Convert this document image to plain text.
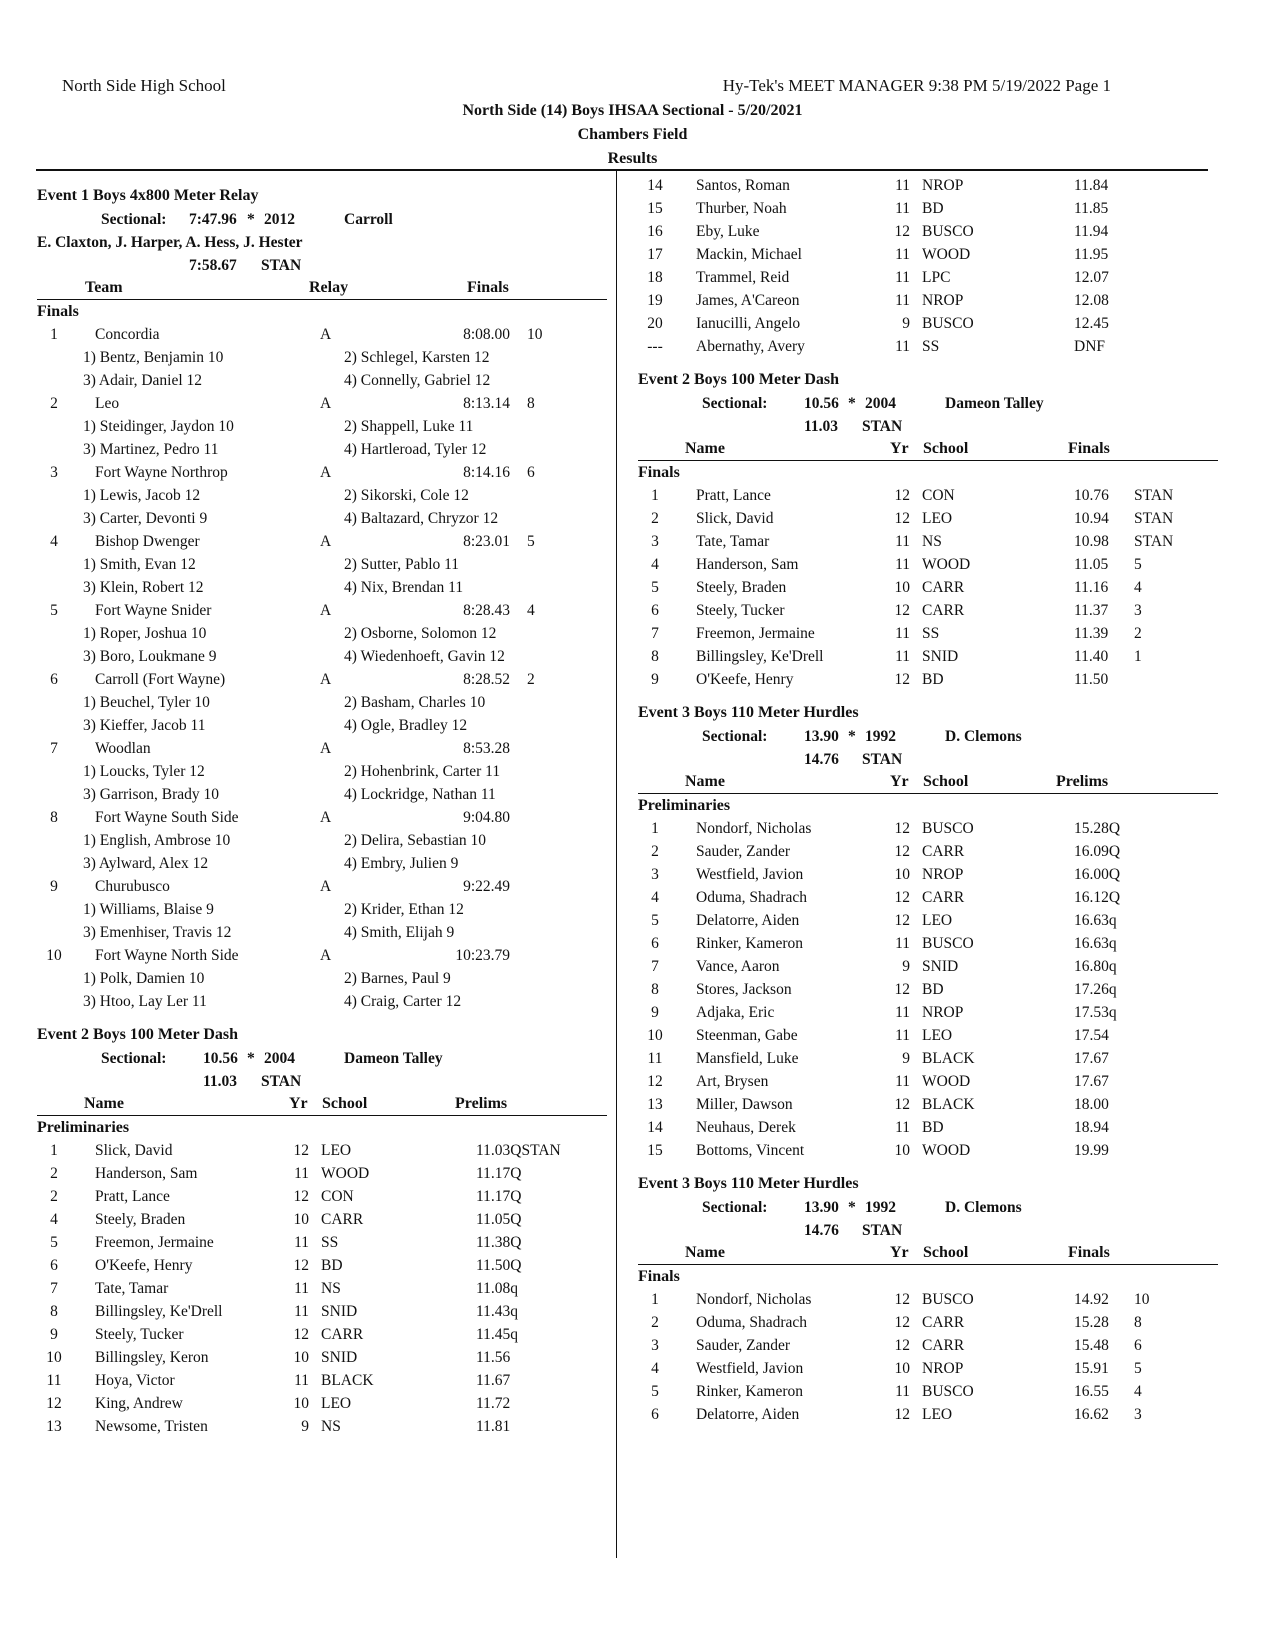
North Side High School	Hy-Tek's MEET MANAGER 9:38 PM 5/19/2022 Page 1
North Side (14) Boys IHSAA Sectional - 5/20/2021
Chambers Field
Results
Event 1 Boys 4x800 Meter Relay
Sectional: 7:47.96 * 2012	Carroll
E. Claxton, J. Harper, A. Hess, J. Hester
7:58.67 STAN
Team	Relay	Finals
Finals
1	Concordia	A	8:08.00 10
1) Bentz, Benjamin 10	2) Schlegel, Karsten 12
3) Adair, Daniel 12	4) Connelly, Gabriel 12
2	Leo	A	8:13.14 8
1) Steidinger, Jaydon 10	2) Shappell, Luke 11
3) Martinez, Pedro 11	4) Hartleroad, Tyler 12
3	Fort Wayne Northrop	A	8:14.16 6
1) Lewis, Jacob 12	2) Sikorski, Cole 12
3) Carter, Devonti 9	4) Baltazard, Chryzor 12
4	Bishop Dwenger	A	8:23.01 5
1) Smith, Evan 12	2) Sutter, Pablo 11
3) Klein, Robert 12	4) Nix, Brendan 11
5	Fort Wayne Snider	A	8:28.43 4
1) Roper, Joshua 10	2) Osborne, Solomon 12
3) Boro, Loukmane 9	4) Wiedenhoeft, Gavin 12
6	Carroll (Fort Wayne)	A	8:28.52 2
1) Beuchel, Tyler 10	2) Basham, Charles 10
3) Kieffer, Jacob 11	4) Ogle, Bradley 12
7	Woodlan	A	8:53.28
1) Loucks, Tyler 12	2) Hohenbrink, Carter 11
3) Garrison, Brady 10	4) Lockridge, Nathan 11
8	Fort Wayne South Side	A	9:04.80
1) English, Ambrose 10	2) Delira, Sebastian 10
3) Aylward, Alex 12	4) Embry, Julien 9
9	Churubusco	A	9:22.49
1) Williams, Blaise 9	2) Krider, Ethan 12
3) Emenhiser, Travis 12	4) Smith, Elijah 9
10	Fort Wayne North Side	A	10:23.79
1) Polk, Damien 10	2) Barnes, Paul 9
3) Htoo, Lay Ler 11	4) Craig, Carter 12
Event 2 Boys 100 Meter Dash
Sectional: 10.56 * 2004	Dameon Talley
11.03 STAN
Name	Yr School	Prelims
Preliminaries
1	Slick, David	12 LEO	11.03QSTAN
2	Handerson, Sam	11 WOOD	11.17Q
2	Pratt, Lance	12 CON	11.17Q
4	Steely, Braden	10 CARR	11.05Q
5	Freemon, Jermaine	11 SS	11.38Q
6	O'Keefe, Henry	12 BD	11.50Q
7	Tate, Tamar	11 NS	11.08q
8	Billingsley, Ke'Drell	11 SNID	11.43q
9	Steely, Tucker	12 CARR	11.45q
10	Billingsley, Keron	10 SNID	11.56
11	Hoya, Victor	11 BLACK	11.67
12	King, Andrew	10 LEO	11.72
13	Newsome, Tristen	9 NS	11.81
14	Santos, Roman	11 NROP	11.84
15	Thurber, Noah	11 BD	11.85
16	Eby, Luke	12 BUSCO	11.94
17	Mackin, Michael	11 WOOD	11.95
18	Trammel, Reid	11 LPC	12.07
19	James, A'Careon	11 NROP	12.08
20	Ianucilli, Angelo	9 BUSCO	12.45
---	Abernathy, Avery	11 SS	DNF
Event 2 Boys 100 Meter Dash
Sectional: 10.56 * 2004	Dameon Talley
11.03 STAN
Name	Yr School	Finals
Finals
1	Pratt, Lance	12 CON	10.76 STAN
2	Slick, David	12 LEO	10.94 STAN
3	Tate, Tamar	11 NS	10.98 STAN
4	Handerson, Sam	11 WOOD	11.05 5
5	Steely, Braden	10 CARR	11.16 4
6	Steely, Tucker	12 CARR	11.37 3
7	Freemon, Jermaine	11 SS	11.39 2
8	Billingsley, Ke'Drell	11 SNID	11.40 1
9	O'Keefe, Henry	12 BD	11.50
Event 3 Boys 110 Meter Hurdles
Sectional: 13.90 * 1992	D. Clemons
14.76 STAN
Name	Yr School	Prelims
Preliminaries
1	Nondorf, Nicholas	12 BUSCO	15.28Q
2	Sauder, Zander	12 CARR	16.09Q
3	Westfield, Javion	10 NROP	16.00Q
4	Oduma, Shadrach	12 CARR	16.12Q
5	Delatorre, Aiden	12 LEO	16.63q
6	Rinker, Kameron	11 BUSCO	16.63q
7	Vance, Aaron	9 SNID	16.80q
8	Stores, Jackson	12 BD	17.26q
9	Adjaka, Eric	11 NROP	17.53q
10	Steenman, Gabe	11 LEO	17.54
11	Mansfield, Luke	9 BLACK	17.67
12	Art, Brysen	11 WOOD	17.67
13	Miller, Dawson	12 BLACK	18.00
14	Neuhaus, Derek	11 BD	18.94
15	Bottoms, Vincent	10 WOOD	19.99
Event 3 Boys 110 Meter Hurdles
Sectional: 13.90 * 1992	D. Clemons
14.76 STAN
Name	Yr School	Finals
Finals
1	Nondorf, Nicholas	12 BUSCO	14.92 10
2	Oduma, Shadrach	12 CARR	15.28 8
3	Sauder, Zander	12 CARR	15.48 6
4	Westfield, Javion	10 NROP	15.91 5
5	Rinker, Kameron	11 BUSCO	16.55 4
6	Delatorre, Aiden	12 LEO	16.62 3
